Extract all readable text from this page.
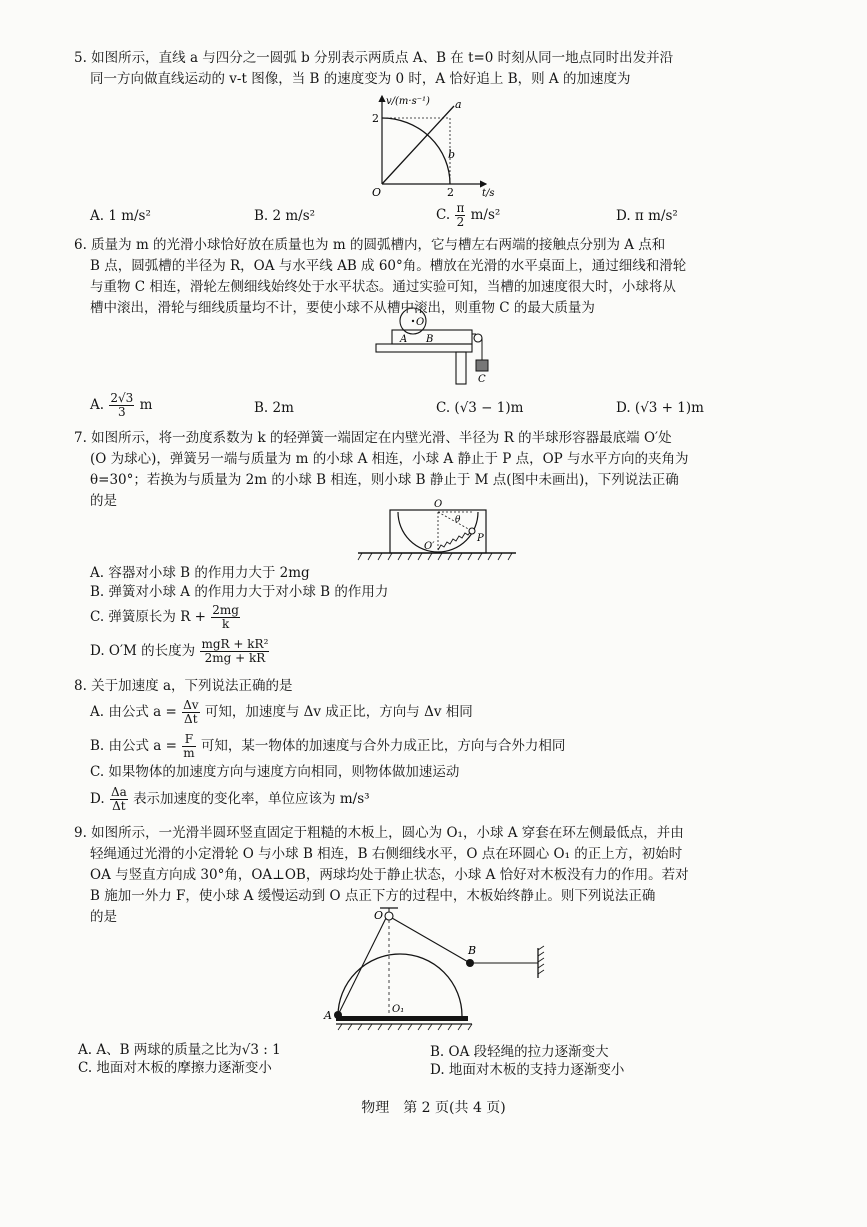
5. 如图所示，直线 a 与四分之一圆弧 b 分别表示两质点 A、B 在 t=0 时刻从同一地点同时出发并沿
同一方向做直线运动的 v-t 图像，当 B 的速度变为 0 时，A 恰好追上 B，则 A 的加速度为
v/(m·s⁻¹)
t/s
O
2
2
a
b
A. 1 m/s²	B. 2 m/s²	C. $\frac{\pi}{2} m/s^2$	D. π m/s²
6. 质量为 m 的光滑小球恰好放在质量也为 m 的圆弧槽内，它与槽左右两端的接触点分别为 A 点和
B 点，圆弧槽的半径为 R，OA 与水平线 AB 成 60°角。槽放在光滑的水平桌面上，通过细线和滑轮
与重物 C 相连，滑轮左侧细线始终处于水平状态。通过实验可知，当槽的加速度很大时，小球将从
槽中滚出，滑轮与细线质量均不计，要使小球不从槽中滚出，则重物 C 的最大质量为
O
A B
C
A. $\frac{2√3}{3}$ m	B. 2m	C. (√3 − 1)m	D. (√3 + 1)m
7. 如图所示，将一劲度系数为 k 的轻弹簧一端固定在内壁光滑、半径为 R 的半球形容器最底端 O′处
(O 为球心)，弹簧另一端与质量为 m 的小球 A 相连，小球 A 静止于 P 点，OP 与水平方向的夹角为
θ=30°；若换为与质量为 2m 的小球 B 相连，则小球 B 静止于 M 点(图中未画出)，下列说法正确
的是	O
θ
O′
P
A. 容器对小球 B 的作用力大于 2mg
B. 弹簧对小球 A 的作用力大于对小球 B 的作用力
C. 弹簧原长为 $R + \frac{2mg}{k}$
D. O′M 的长度为 $\frac{\text{mgR + kR²}}{2mg + kR}$
8. 关于加速度 a，下列说法正确的是
A. 由公式 $a = \frac{\Delta v}{\Delta t}$ 可知，加速度与 Δv 成正比，方向与 Δv 相同
B. 由公式 $a = \frac{F}{m}$ 可知，某一物体的加速度与合外力成正比，方向与合外力相同
C. 如果物体的加速度方向与速度方向相同，则物体做加速运动
D. $\frac{\Delta a}{\Delta t}$ 表示加速度的变化率，单位应该为 m/s³
9. 如图所示，一光滑半圆环竖直固定于粗糙的木板上，圆心为 O₁，小球 A 穿套在环左侧最低点，并由
轻绳通过光滑的小定滑轮 O 与小球 B 相连，B 右侧细线水平，O 点在环圆心 O₁ 的正上方，初始时
OA 与竖直方向成 30°角，OA⊥OB，两球均处于静止状态，小球 A 恰好对木板没有力的作用。若对
B 施加一外力 F，使小球 A 缓慢运动到 O 点正下方的过程中，木板始终静止。则下列说法正确
的是	O
O₁
A
B
A. A、B 两球的质量之比为√3 : 1	B. OA 段轻绳的拉力逐渐变大
C. 地面对木板的摩擦力逐渐变小	D. 地面对木板的支持力逐渐变小
物理　第 2 页(共 4 页)
